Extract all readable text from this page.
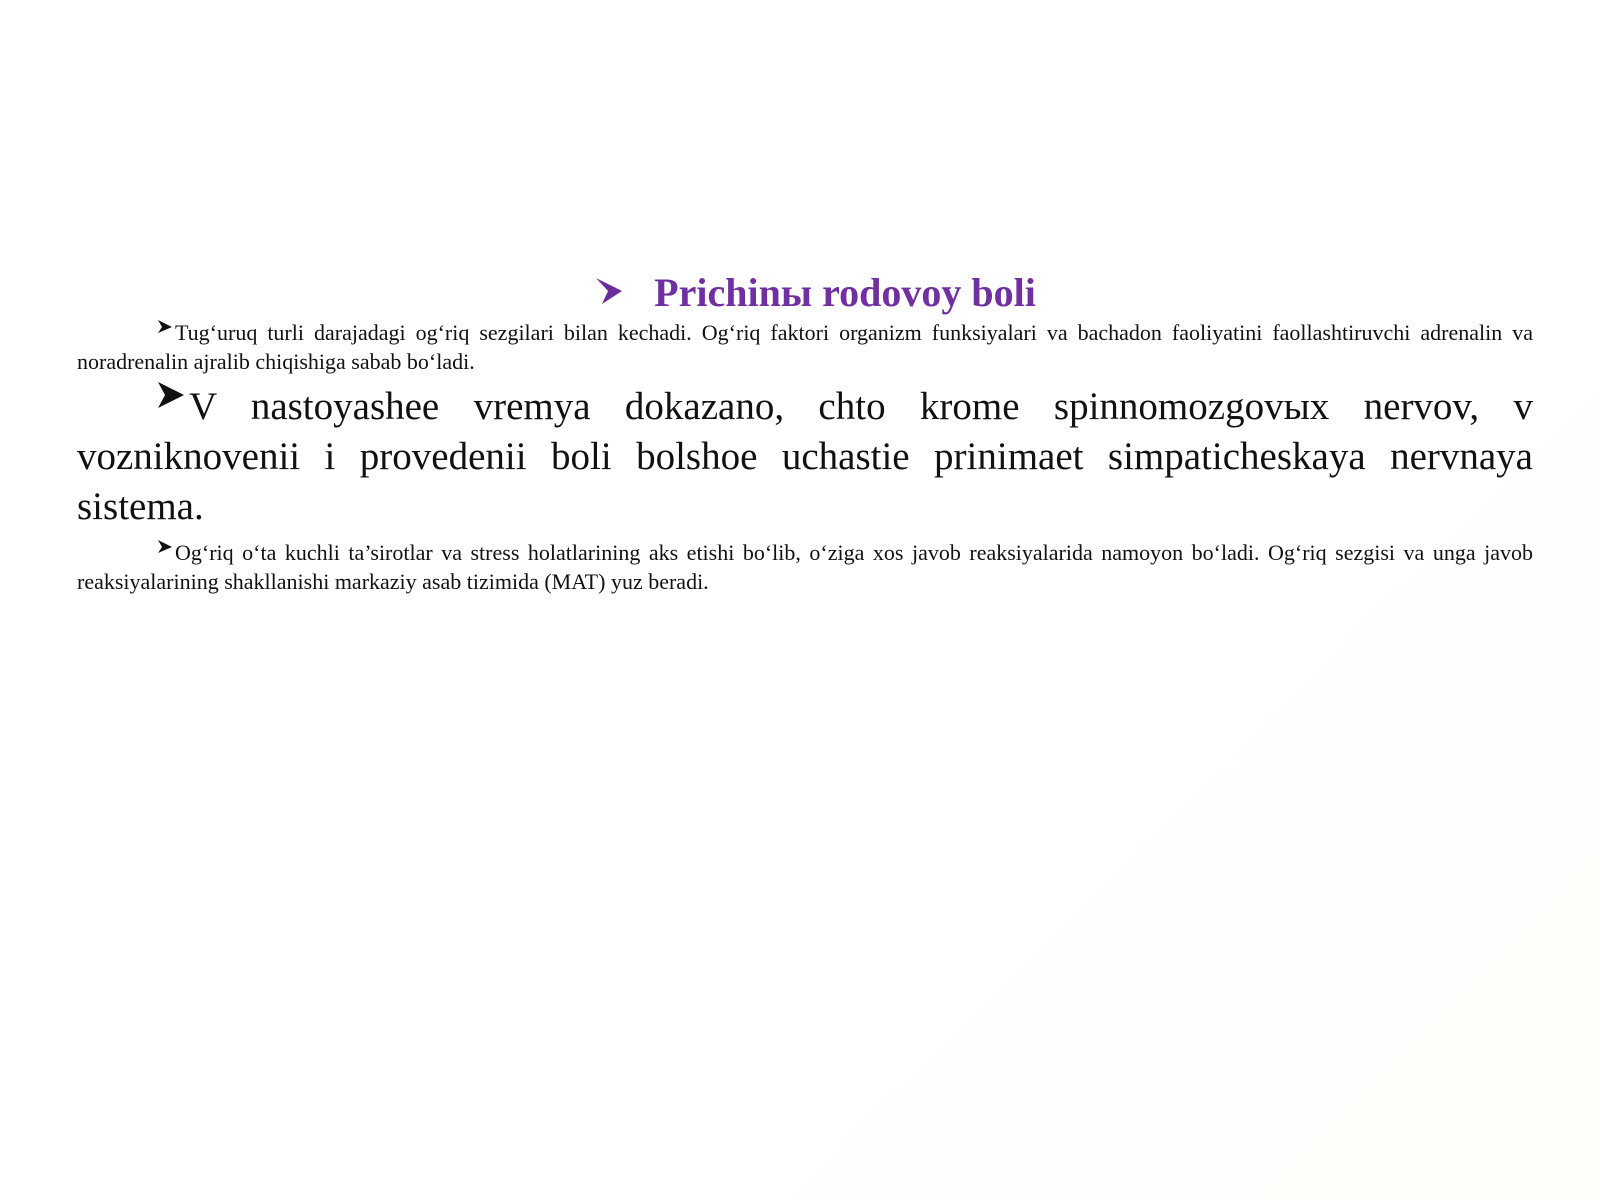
Prichinы rodovoy boli

Tug‘uruq turli darajadagi og‘riq sezgilari bilan kechadi. Og‘riq faktori organizm funksiyalari va bachadon faoliyatini faollashtiruvchi adrenalin va noradrenalin ajralib chiqishiga sabab bo‘ladi.

V nastoyashee vremya dokazano, chto krome spinnomozgovыx nervov, v vozniknovenii i provedenii boli bolshoe uchastie prinimaet simpaticheskaya nervnaya sistema.

Og‘riq o‘ta kuchli ta’sirotlar va stress holatlarining aks etishi bo‘lib, o‘ziga xos javob reaksiyalarida namoyon bo‘ladi. Og‘riq sezgisi va unga javob reaksiyalarining shakllanishi markaziy asab tizimida (MAT) yuz beradi.
